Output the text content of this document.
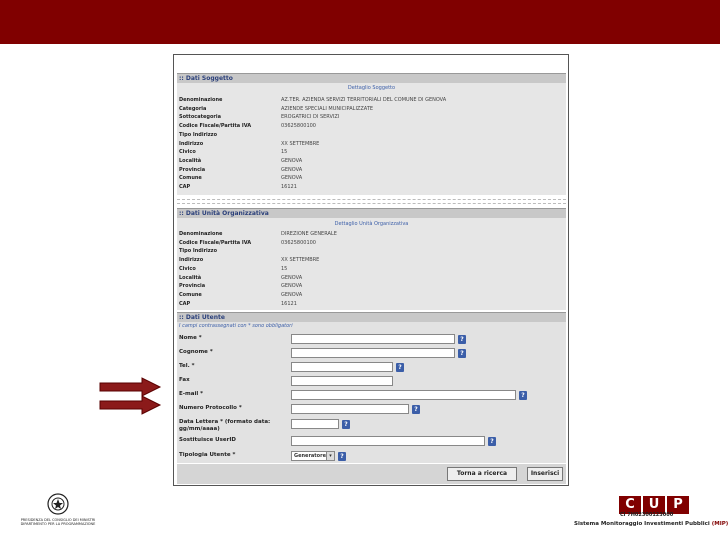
:: Dati Soggetto
Dettaglio Soggetto
Denominazione	AZ.TER. AZIENDA SERVIZI TERRITORIALI DEL COMUNE DI GENOVA
Categoria	AZIENDE SPECIALI MUNICIPALIZZATE
Sottocategoria	EROGATRICI DI SERVIZI
Codice Fiscale/Partita IVA	03625800100
Tipo Indirizzo
Indirizzo	XX SETTEMBRE
Civico	15
Località	GENOVA
Provincia	GENOVA
Comune	GENOVA
CAP	16121
:: Dati Unità Organizzativa
Dettaglio Unità Organizzativa
Denominazione	DIREZIONE GENERALE
Codice Fiscale/Partita IVA	03625800100
Tipo Indirizzo
Indirizzo	XX SETTEMBRE
Civico	15
Località	GENOVA
Provincia	GENOVA
Comune	GENOVA
CAP	16121
:: Dati Utente
I campi contrassegnati con * sono obbligatori
Nome *	?
Cognome *	?
Tel. *	?
Fax
E-mail *	?
Numero Protocollo *	?
Data Lettera * (formato data:
gg/mm/aaaa)
?
Sostituisce UserID	?
Tipologia Utente *	Generatore ▾	?
Torna a ricerca	Inserisci
PRESIDENZA DEL CONSIGLIO DEI MINISTRI
DIPARTIMENTO PER LA PROGRAMMAZIONE
C	U	P
CI 7H02300123000
Sistema Monitoraggio Investimenti Pubblici (MIP)
